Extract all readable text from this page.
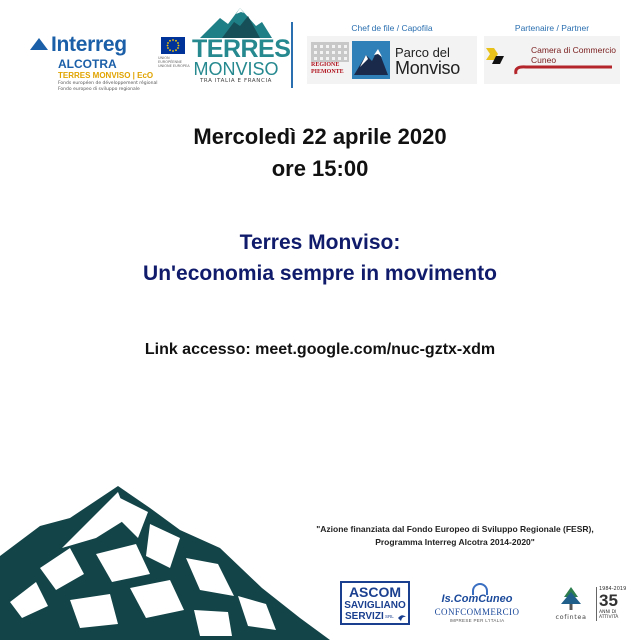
Interreg
ALCOTRA
TERRES MONVISO | EcO
Fonds européen de développement régional
Fondo europeo di sviluppo regionale
UNION EUROPÉENNE UNIONE EUROPEA
TERRES
MONVISO
TRA ITALIA E FRANCIA
Chef de file / Capofila	Partenaire / Partner
REGIONE PIEMONTE
Parco del
Monviso
Camera di Commercio
Cuneo
Mercoledì 22 aprile 2020
ore 15:00
Terres Monviso:
Un'economia sempre in movimento
Link accesso: meet.google.com/nuc-gztx-xdm
"Azione finanziata dal Fondo Europeo di Sviluppo Regionale (FESR),
Programma Interreg Alcotra 2014-2020"
ASCOM
SAVIGLIANO
SERVIZI SRL
Is.ComCuneo
CONFCOMMERCIO
IMPRESE PER L'ITALIA	cofintea
1984-2019
35
ANNI DI ATTIVITÀ
